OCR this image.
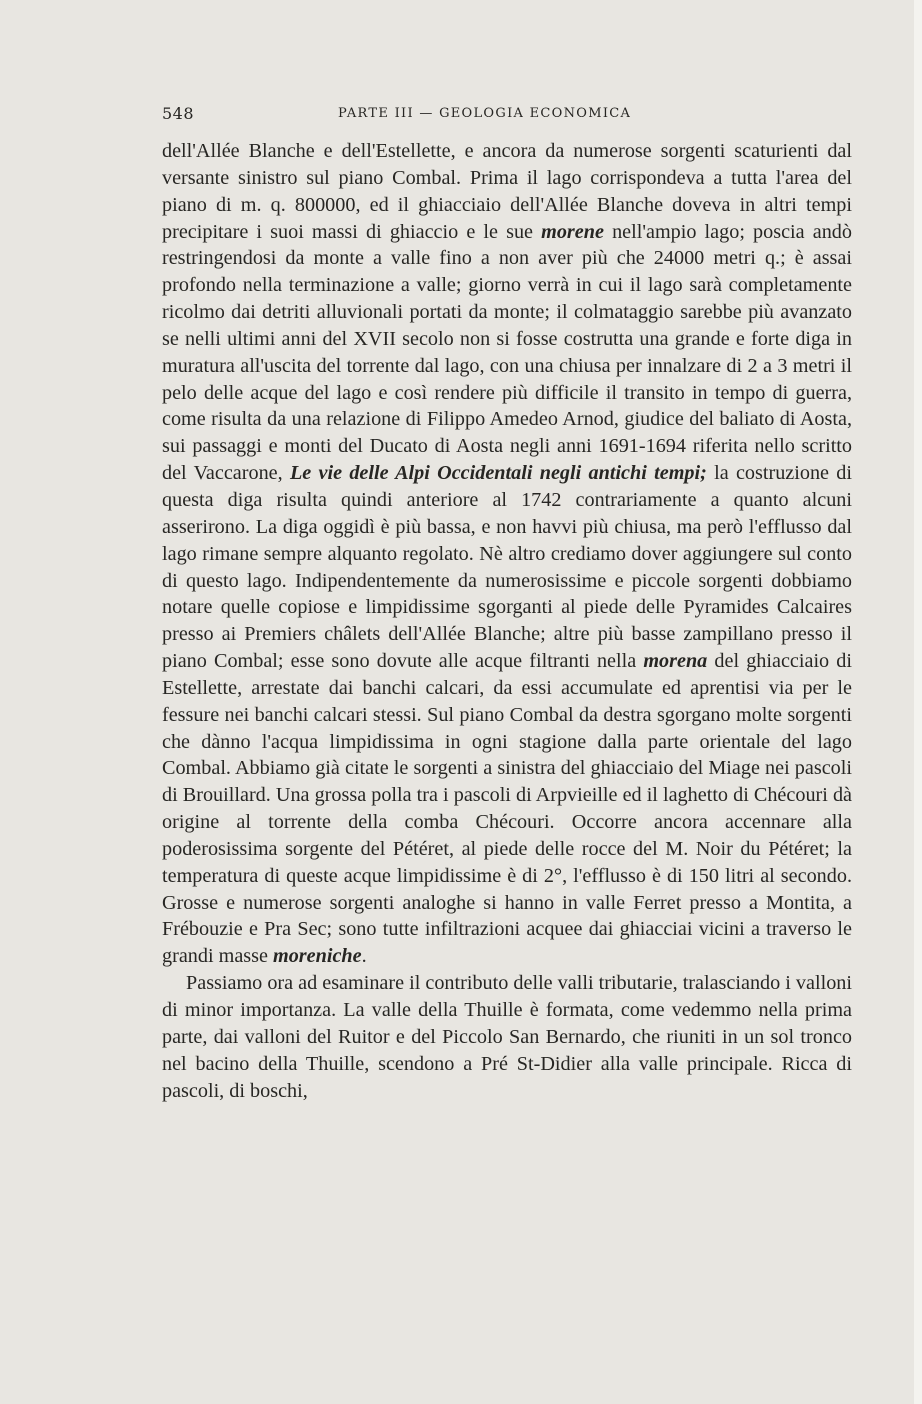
548	PARTE III — GEOLOGIA ECONOMICA

dell'Allée Blanche e dell'Estellette, e ancora da numerose sorgenti scaturienti dal versante sinistro sul piano Combal. Prima il lago corrispondeva a tutta l'area del piano di m. q. 800000, ed il ghiacciaio dell'Allée Blanche doveva in altri tempi precipitare i suoi massi di ghiaccio e le sue morene nell'ampio lago; poscia andò restringendosi da monte a valle fino a non aver più che 24000 metri q.; è assai profondo nella terminazione a valle; giorno verrà in cui il lago sarà completamente ricolmo dai detriti alluvionali portati da monte; il colmataggio sarebbe più avanzato se nelli ultimi anni del XVII secolo non si fosse costrutta una grande e forte diga in muratura all'uscita del torrente dal lago, con una chiusa per innalzare di 2 a 3 metri il pelo delle acque del lago e così rendere più difficile il transito in tempo di guerra, come risulta da una relazione di Filippo Amedeo Arnod, giudice del baliato di Aosta, sui passaggi e monti del Ducato di Aosta negli anni 1691-1694 riferita nello scritto del Vaccarone, Le vie delle Alpi Occidentali negli antichi tempi; la costruzione di questa diga risulta quindi anteriore al 1742 contrariamente a quanto alcuni asserirono. La diga oggidì è più bassa, e non havvi più chiusa, ma però l'efflusso dal lago rimane sempre alquanto regolato. Nè altro crediamo dover aggiungere sul conto di questo lago. Indipendentemente da numerosissime e piccole sorgenti dobbiamo notare quelle copiose e limpidissime sgorganti al piede delle Pyramides Calcaires presso ai Premiers châlets dell'Allée Blanche; altre più basse zampillano presso il piano Combal; esse sono dovute alle acque filtranti nella morena del ghiacciaio di Estellette, arrestate dai banchi calcari, da essi accumulate ed aprentisi via per le fessure nei banchi calcari stessi. Sul piano Combal da destra sgorgano molte sorgenti che dànno l'acqua limpidissima in ogni stagione dalla parte orientale del lago Combal. Abbiamo già citate le sorgenti a sinistra del ghiacciaio del Miage nei pascoli di Brouillard. Una grossa polla tra i pascoli di Arpvieille ed il laghetto di Chécouri dà origine al torrente della comba Chécouri. Occorre ancora accennare alla poderosissima sorgente del Pétéret, al piede delle rocce del M. Noir du Pétéret; la temperatura di queste acque limpidissime è di 2°, l'efflusso è di 150 litri al secondo. Grosse e numerose sorgenti analoghe si hanno in valle Ferret presso a Montita, a Frébouzie e Pra Sec; sono tutte infiltrazioni acquee dai ghiacciai vicini a traverso le grandi masse moreniche.

Passiamo ora ad esaminare il contributo delle valli tributarie, tralasciando i valloni di minor importanza. La valle della Thuille è formata, come vedemmo nella prima parte, dai valloni del Ruitor e del Piccolo San Bernardo, che riuniti in un sol tronco nel bacino della Thuille, scendono a Pré St-Didier alla valle principale. Ricca di pascoli, di boschi,
